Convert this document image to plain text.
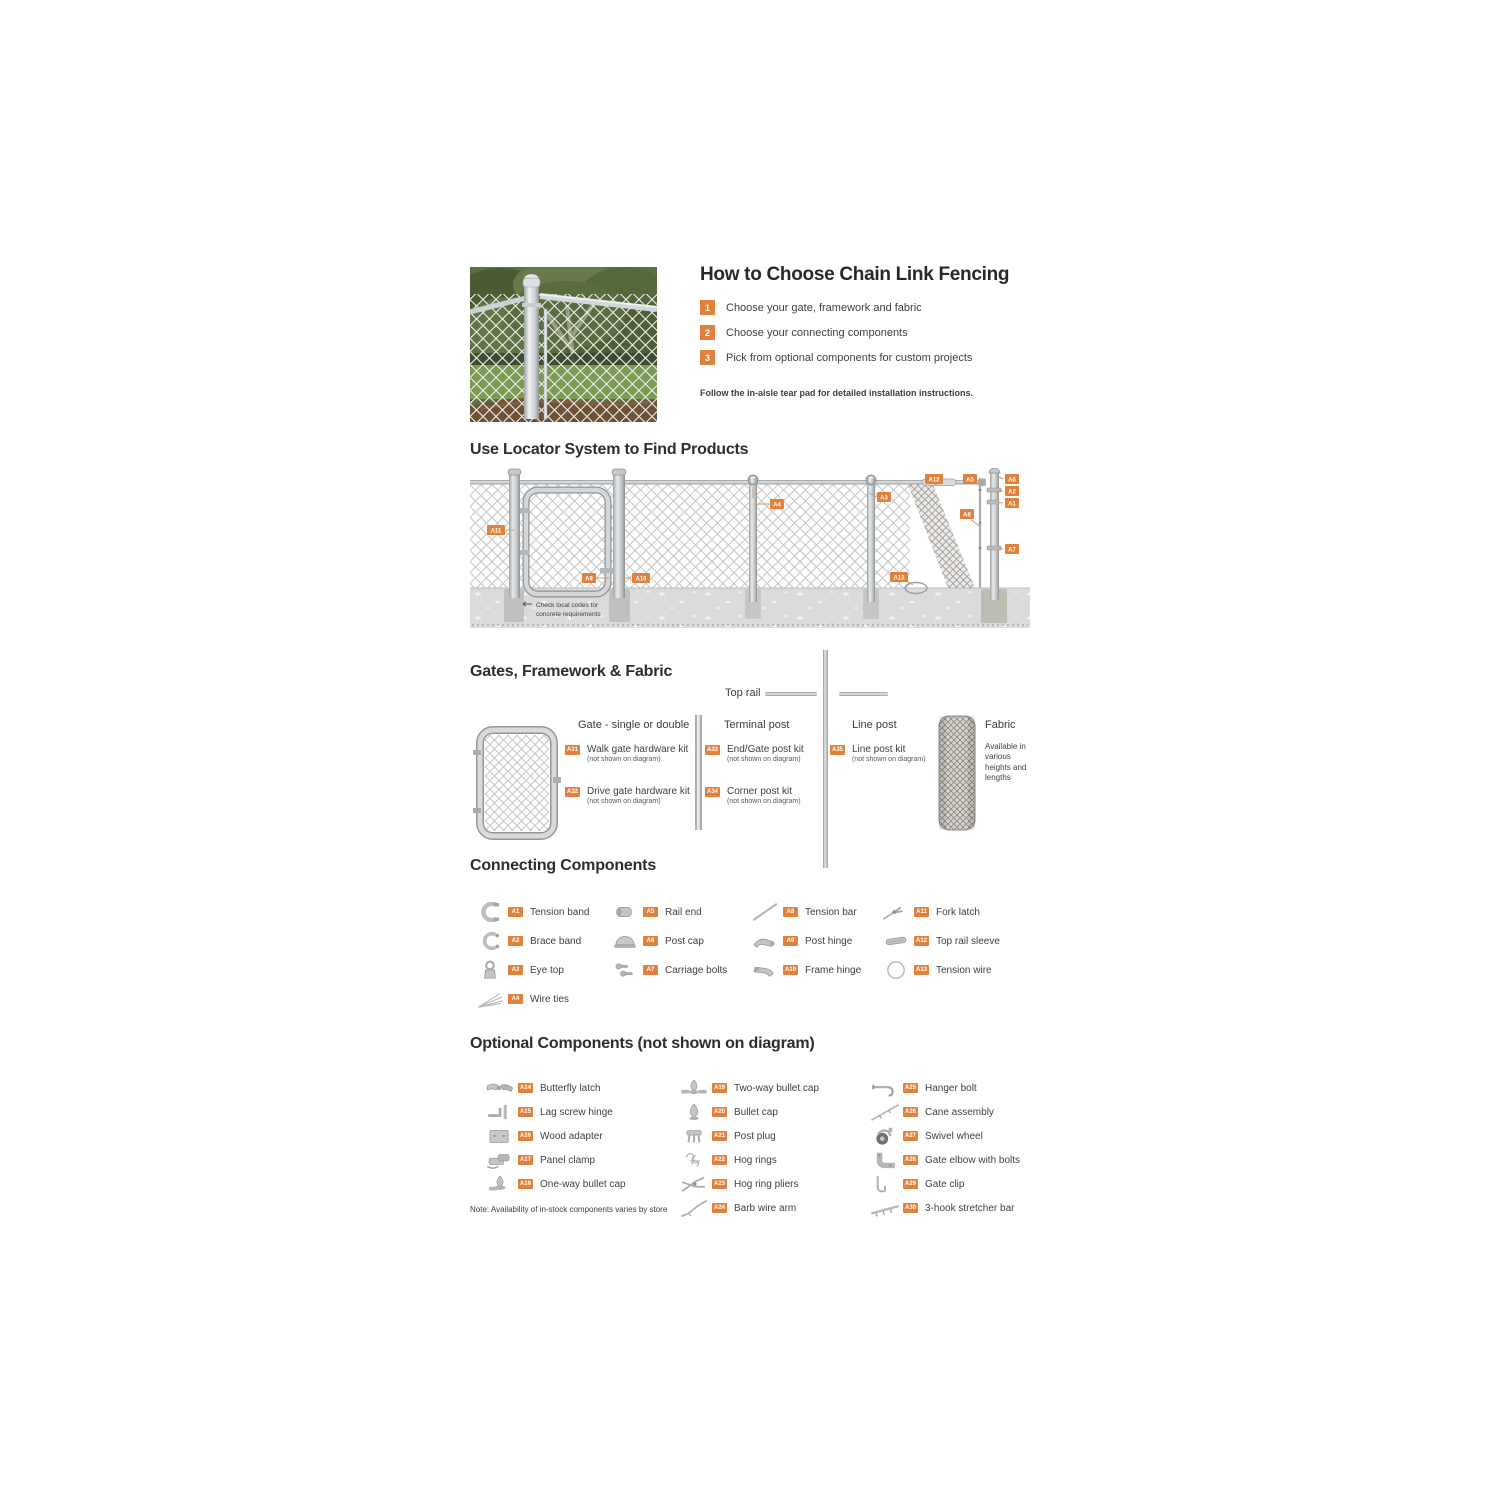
How to Choose Chain Link Fencing
1	Choose your gate, framework and fabric
2	Choose your connecting components
3	Pick from optional components for custom projects
Follow the in-aisle tear pad for detailed installation instructions.
Use Locator System to Find Products
Check local codes for
concrete requirements
A11
A9	A10
A4
A3
A12	A5	A6
A2
A1
A8
A7
A13
Gates, Framework & Fabric
Top rail
Gate - single or double	Terminal post	Line post
A31 Walk gate hardware kit
(not shown on diagram)
A32 Drive gate hardware kit
(not shown on diagram)
A33 End/Gate post kit
(not shown on diagram)
A34 Corner post kit
(not shown on diagram)
A35 Line post kit
(not shown on diagram)
Fabric
Available in various heights and lengths
Connecting Components
A1	Tension band
A2	Brace band
A3	Eye top
A4	Wire ties
A5	Rail end
A6	Post cap
A7	Carriage bolts
A8	Tension bar
A9	Post hinge
A10 Frame hinge
A11 Fork latch
A12 Top rail sleeve
A13 Tension wire
Optional Components (not shown on diagram)
A14 Butterfly latch
A15 Lag screw hinge
A16 Wood adapter
A17 Panel clamp
A18 One-way bullet cap
A19 Two-way bullet cap
A20 Bullet cap
A21 Post plug
A22 Hog rings
A23 Hog ring pliers
A24 Barb wire arm
A25 Hanger bolt
A26 Cane assembly
A27 Swivel wheel
A28 Gate elbow with bolts
A29 Gate clip
A30 3-hook stretcher bar
Note: Availability of in-stock components varies by store
